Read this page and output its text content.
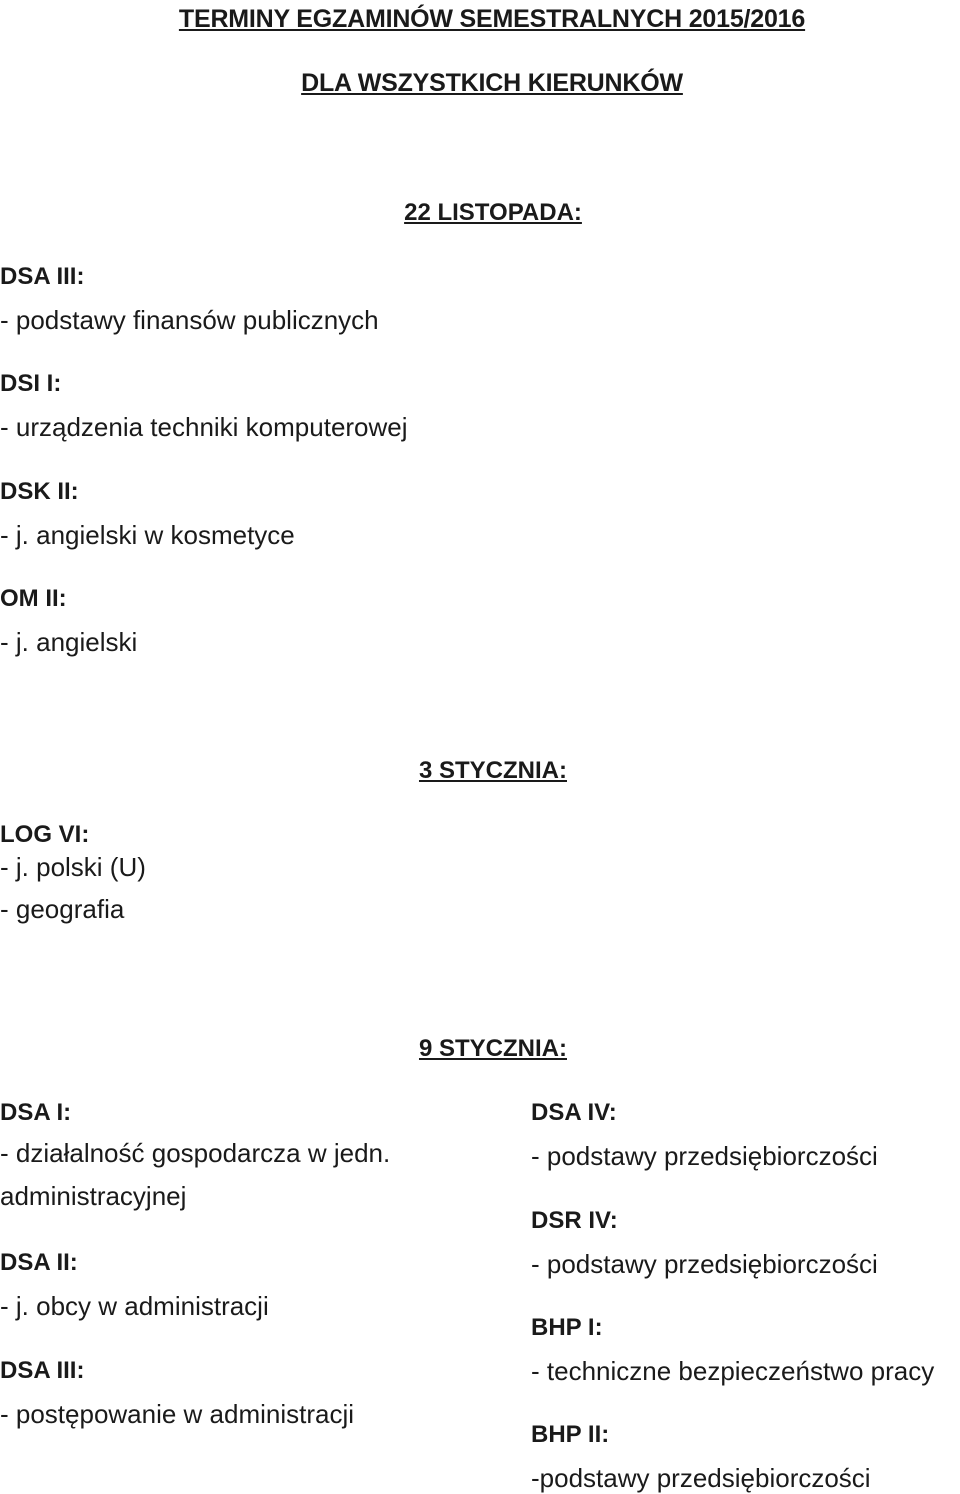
TERMINY EGZAMINÓW SEMESTRALNYCH 2015/2016
DLA WSZYSTKICH KIERUNKÓW
22 LISTOPADA:
DSA III:
- podstawy finansów publicznych
DSI I:
- urządzenia techniki komputerowej
DSK II:
- j. angielski w kosmetyce
OM II:
- j. angielski
3 STYCZNIA:
LOG VI:
- j. polski (U)
- geografia
9 STYCZNIA:
DSA I:
- działalność gospodarcza w jedn. administracyjnej
DSA II:
- j. obcy w administracji
DSA III:
- postępowanie w administracji
DSA IV:
- podstawy przedsiębiorczości
DSR IV:
- podstawy przedsiębiorczości
BHP I:
- techniczne bezpieczeństwo pracy
BHP II:
-podstawy przedsiębiorczości
